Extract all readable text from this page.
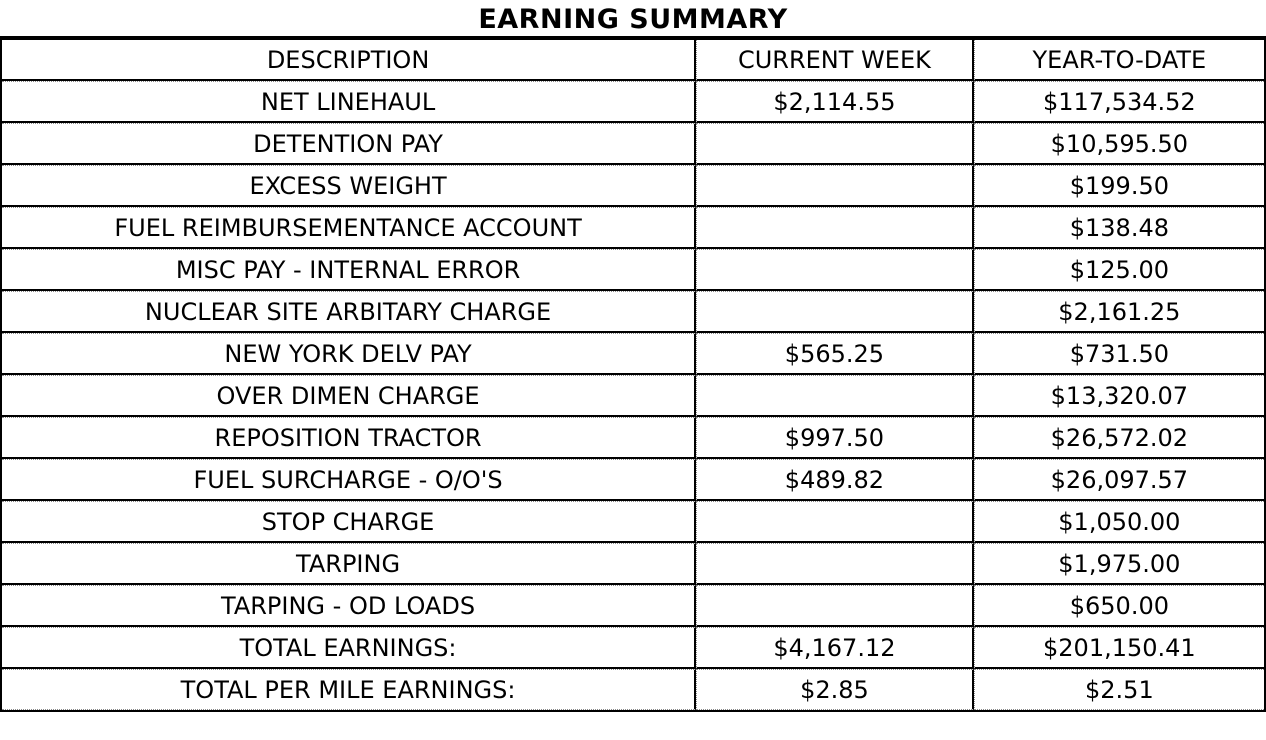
EARNING SUMMARY
DESCRIPTION	CURRENT WEEK	YEAR-TO-DATE
NET LINEHAUL	$2,114.55	$117,534.52
DETENTION PAY		$10,595.50
EXCESS WEIGHT		$199.50
FUEL REIMBURSEMENTANCE ACCOUNT		$138.48
MISC PAY - INTERNAL ERROR		$125.00
NUCLEAR SITE ARBITARY CHARGE		$2,161.25
NEW YORK DELV PAY	$565.25	$731.50
OVER DIMEN CHARGE		$13,320.07
REPOSITION TRACTOR	$997.50	$26,572.02
FUEL SURCHARGE - O/O'S	$489.82	$26,097.57
STOP CHARGE		$1,050.00
TARPING		$1,975.00
TARPING - OD LOADS		$650.00
TOTAL EARNINGS:	$4,167.12	$201,150.41
TOTAL PER MILE EARNINGS:	$2.85	$2.51
